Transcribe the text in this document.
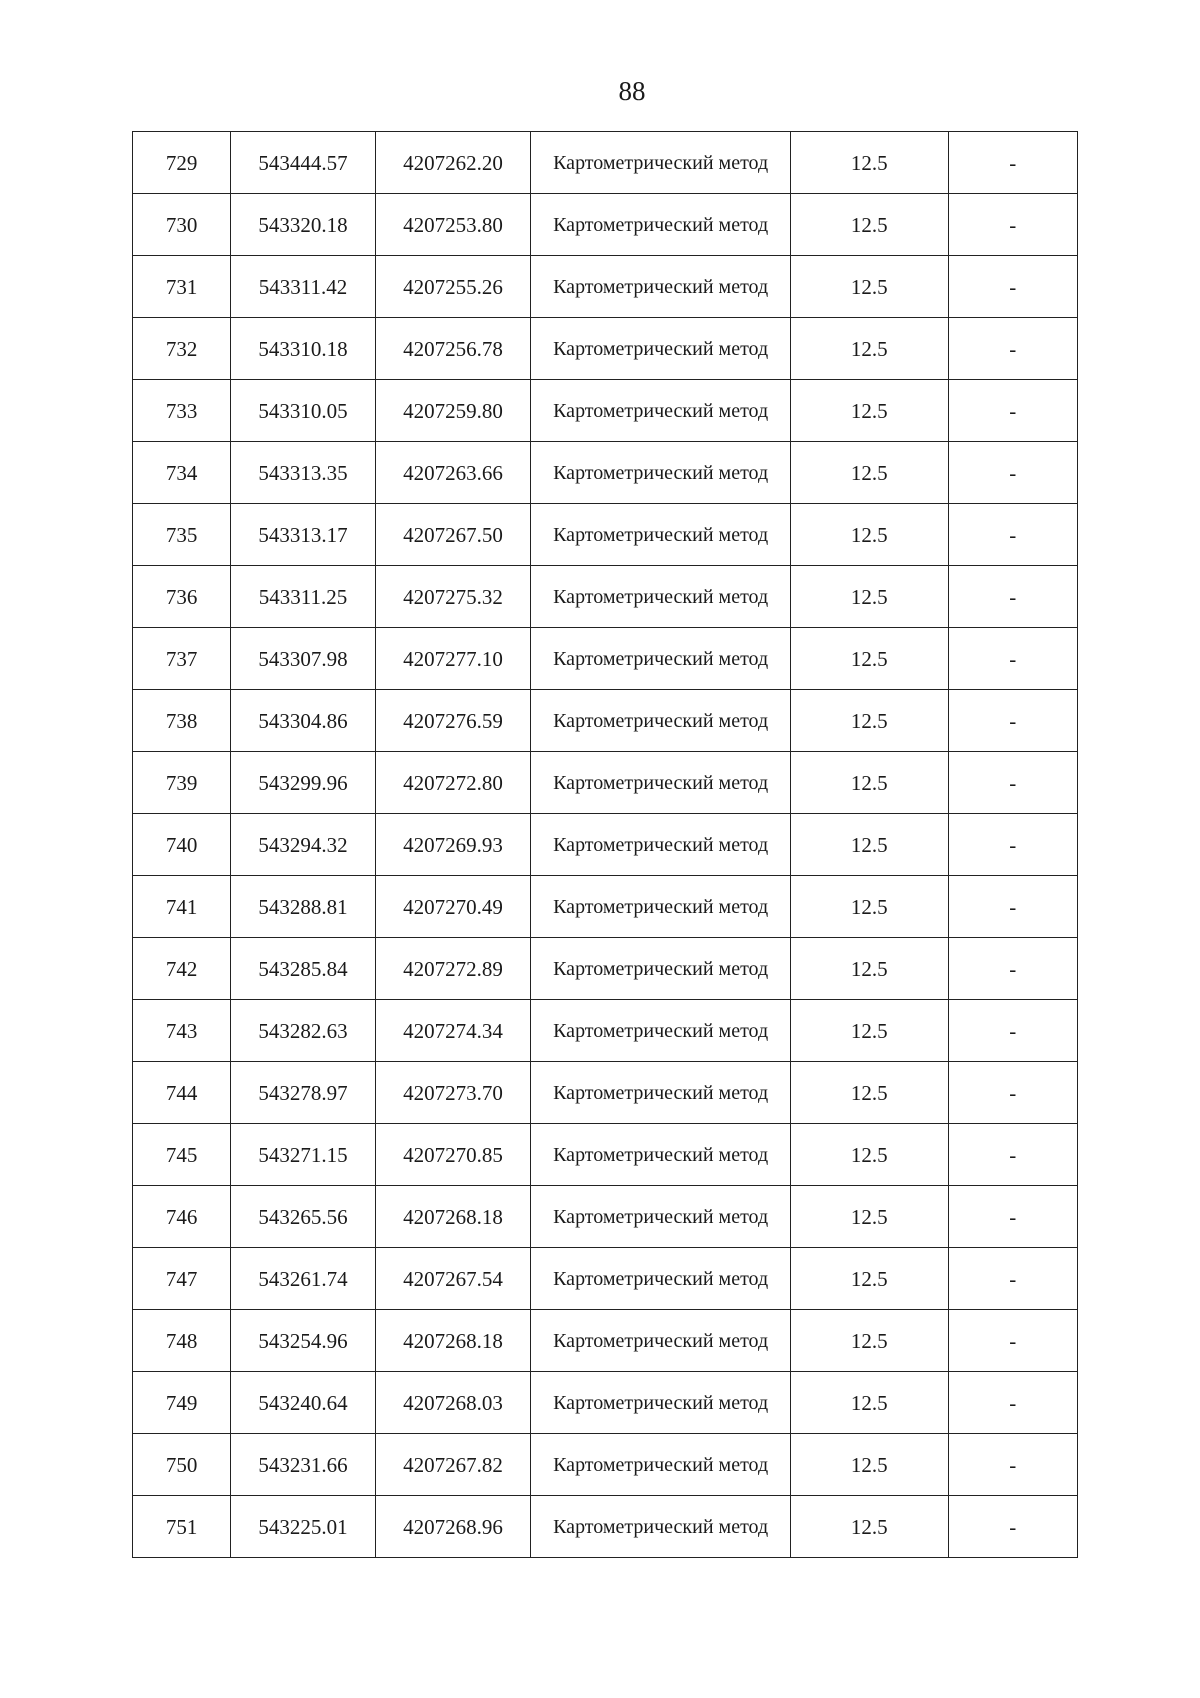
88
729	543444.57	4207262.20	Картометрический метод	12.5	-
730	543320.18	4207253.80	Картометрический метод	12.5	-
731	543311.42	4207255.26	Картометрический метод	12.5	-
732	543310.18	4207256.78	Картометрический метод	12.5	-
733	543310.05	4207259.80	Картометрический метод	12.5	-
734	543313.35	4207263.66	Картометрический метод	12.5	-
735	543313.17	4207267.50	Картометрический метод	12.5	-
736	543311.25	4207275.32	Картометрический метод	12.5	-
737	543307.98	4207277.10	Картометрический метод	12.5	-
738	543304.86	4207276.59	Картометрический метод	12.5	-
739	543299.96	4207272.80	Картометрический метод	12.5	-
740	543294.32	4207269.93	Картометрический метод	12.5	-
741	543288.81	4207270.49	Картометрический метод	12.5	-
742	543285.84	4207272.89	Картометрический метод	12.5	-
743	543282.63	4207274.34	Картометрический метод	12.5	-
744	543278.97	4207273.70	Картометрический метод	12.5	-
745	543271.15	4207270.85	Картометрический метод	12.5	-
746	543265.56	4207268.18	Картометрический метод	12.5	-
747	543261.74	4207267.54	Картометрический метод	12.5	-
748	543254.96	4207268.18	Картометрический метод	12.5	-
749	543240.64	4207268.03	Картометрический метод	12.5	-
750	543231.66	4207267.82	Картометрический метод	12.5	-
751	543225.01	4207268.96	Картометрический метод	12.5	-
